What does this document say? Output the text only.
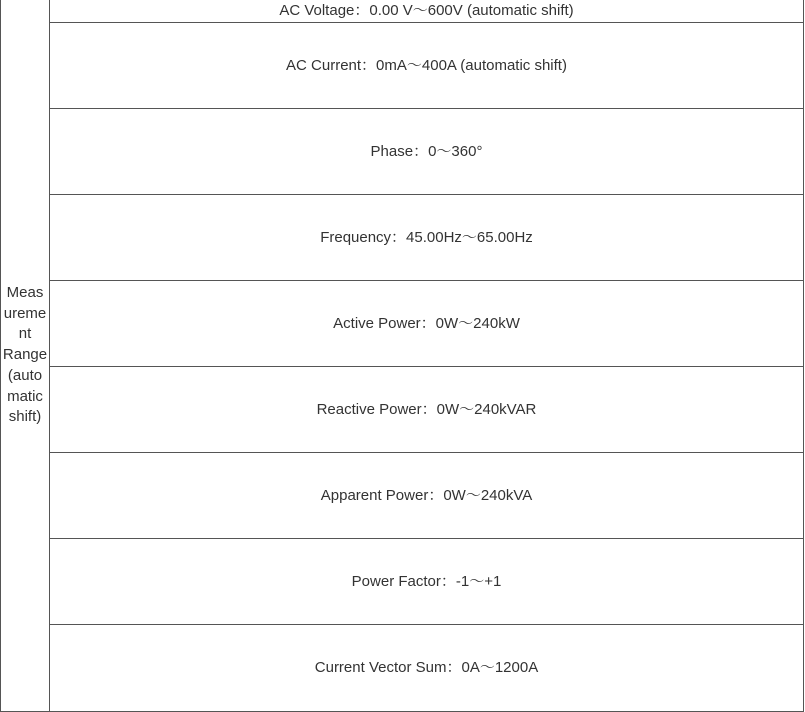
Meas
ureme
nt
Range
(auto
matic
shift)
	AC Voltage：0.00 V～600V (automatic shift)
AC Current：0mA～400A (automatic shift)
Phase：0～360°
Frequency：45.00Hz～65.00Hz
Active Power：0W～240kW
Reactive Power：0W～240kVAR
Apparent Power：0W～240kVA
Power Factor：-1～+1
Current Vector Sum：0A～1200A
